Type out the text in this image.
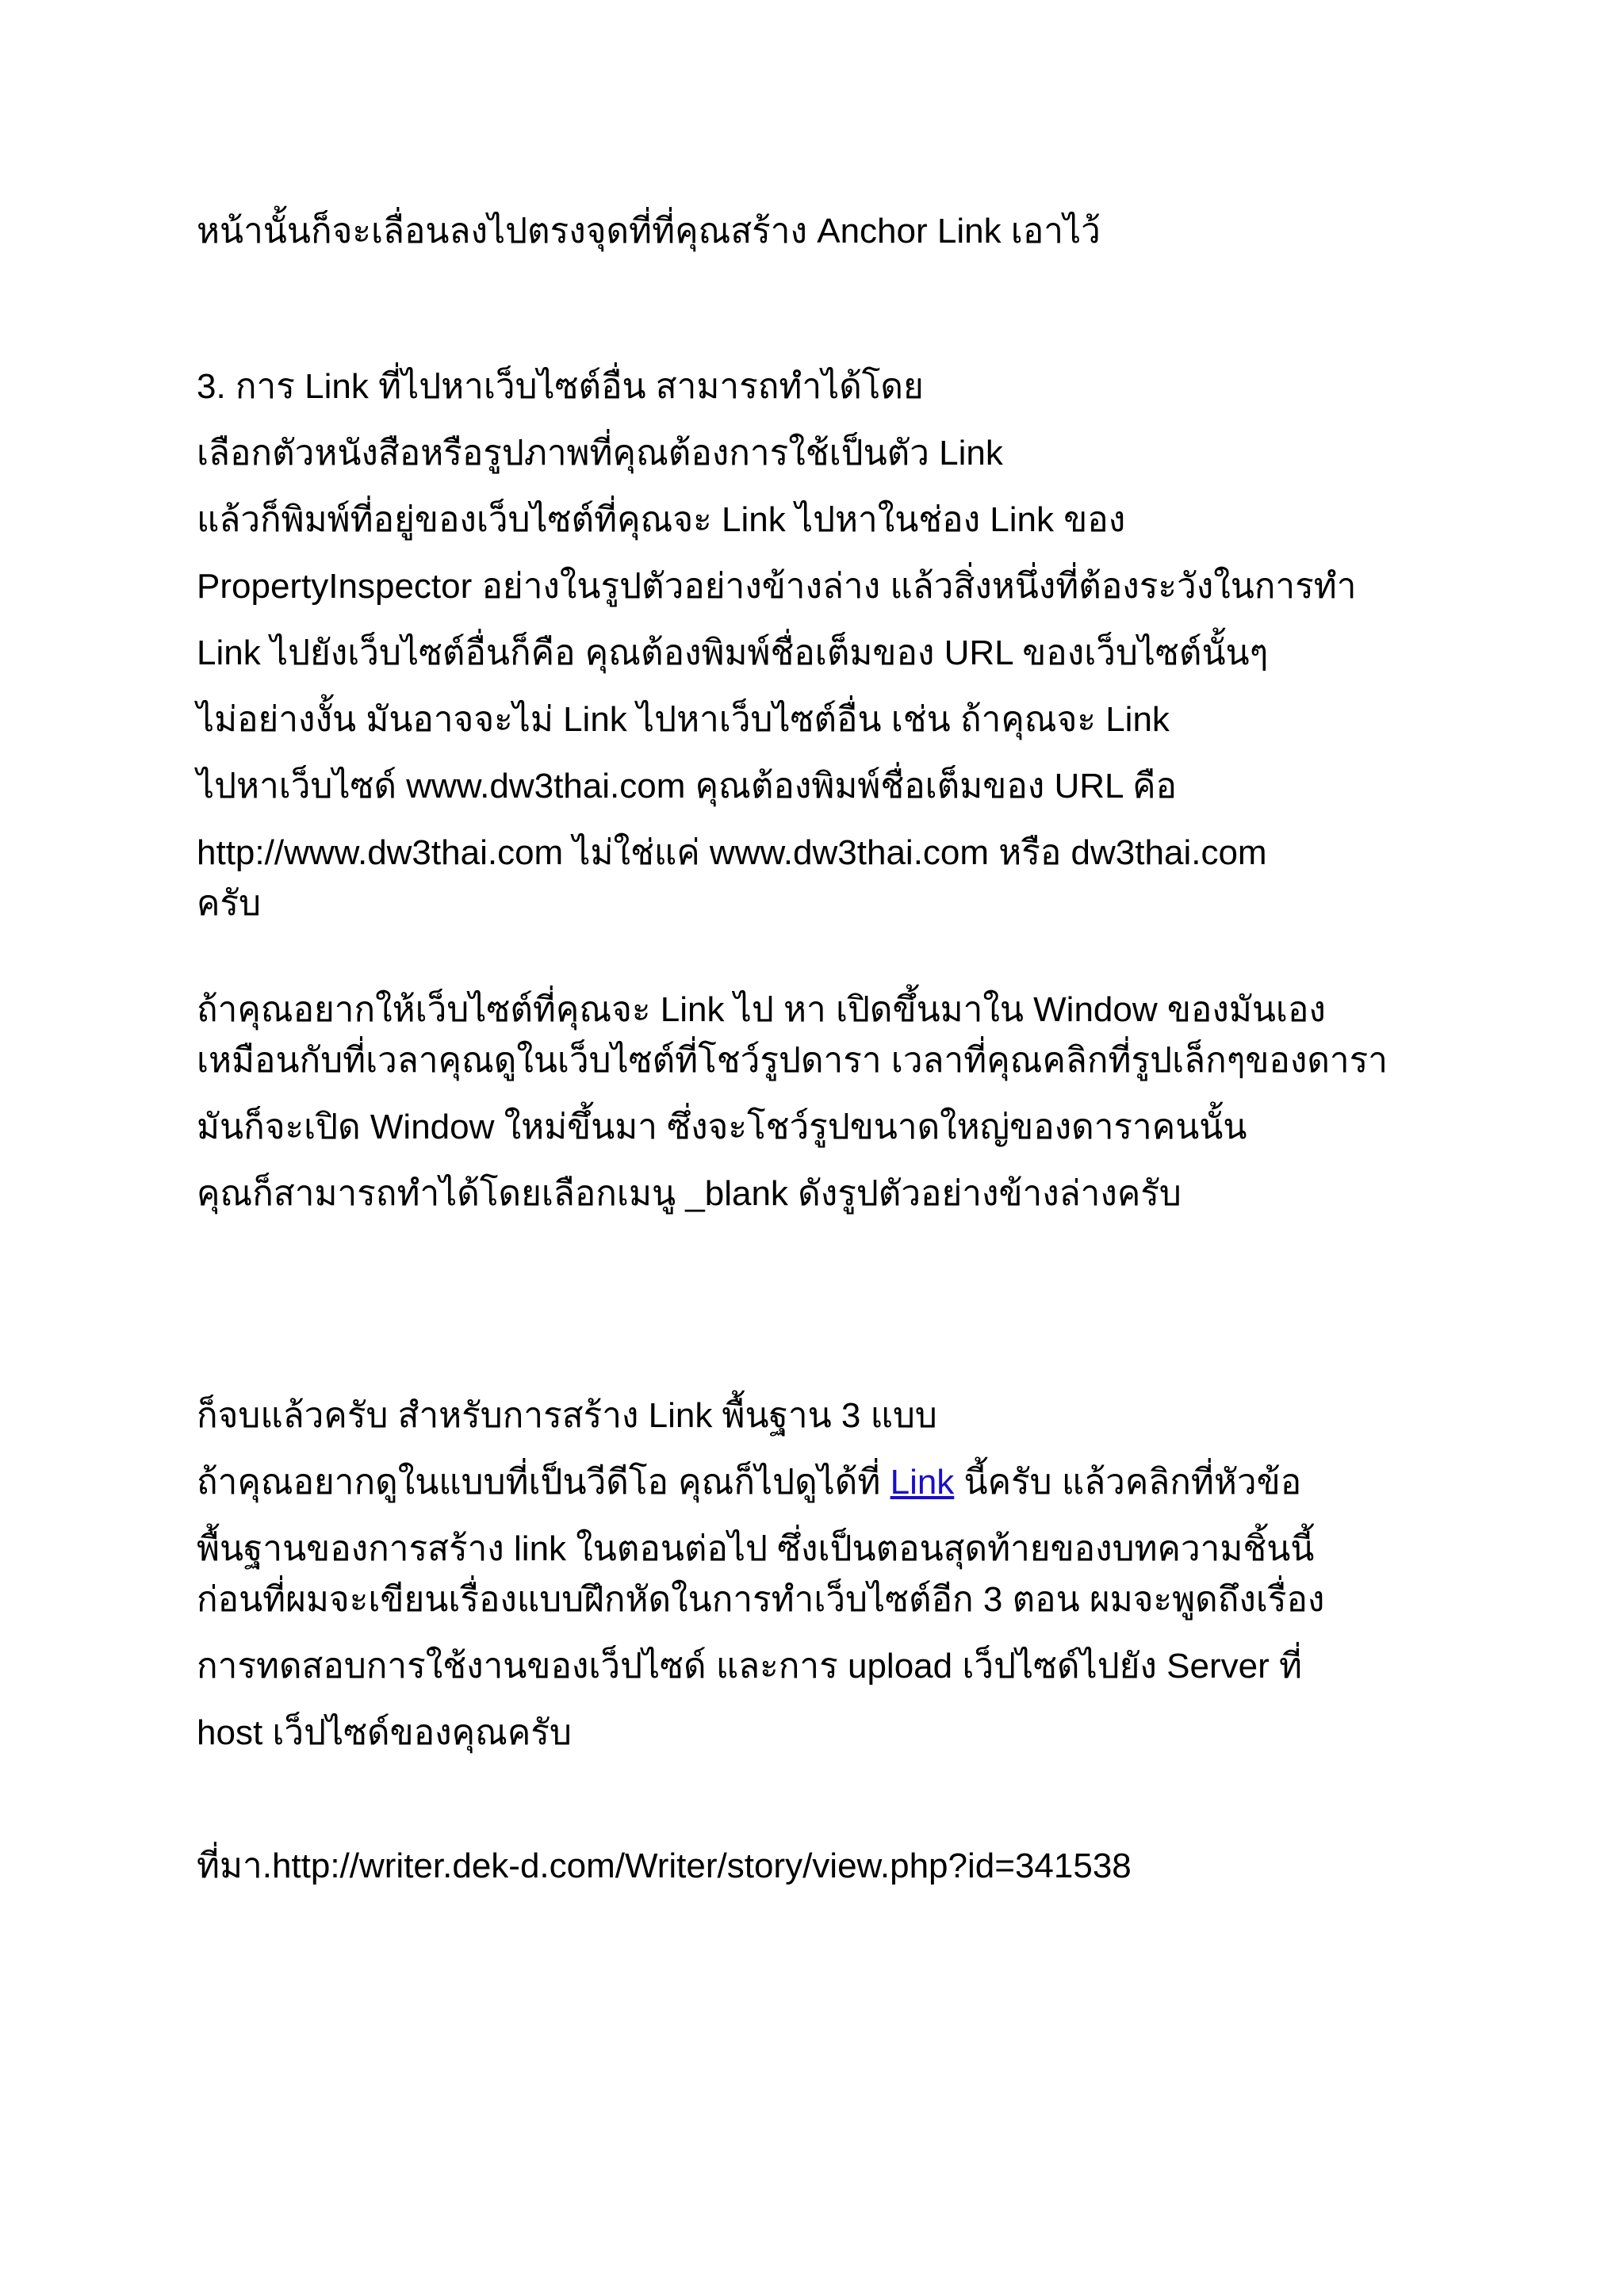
หน้านั้นก็จะเลื่อนลงไปตรงจุดที่ที่คุณสร้าง Anchor Link เอาไว้

3. การ Link ที่ไปหาเว็บไซต์อื่น สามารถทำได้โดย

เลือกตัวหนังสือหรือรูปภาพที่คุณต้องการใช้เป็นตัว Link

แล้วก็พิมพ์ที่อยู่ของเว็บไซต์ที่คุณจะ Link ไปหาในช่อง Link ของ

PropertyInspector อย่างในรูปตัวอย่างข้างล่าง แล้วสิ่งหนึ่งที่ต้องระวังในการทำ

Link ไปยังเว็บไซต์อื่นก็คือ คุณต้องพิมพ์ชื่อเต็มของ URL ของเว็บไซต์นั้นๆ

ไม่อย่างงั้น มันอาจจะไม่ Link ไปหาเว็บไซต์อื่น เช่น ถ้าคุณจะ Link

ไปหาเว็บไซด์ www.dw3thai.com คุณต้องพิมพ์ชื่อเต็มของ URL คือ

http://www.dw3thai.com ไม่ใช่แค่ www.dw3thai.com หรือ dw3thai.com

ครับ

ถ้าคุณอยากให้เว็บไซต์ที่คุณจะ Link ไป หา เปิดขึ้นมาใน Window ของมันเอง

เหมือนกับที่เวลาคุณดูในเว็บไซต์ที่โชว์รูปดารา เวลาที่คุณคลิกที่รูปเล็กๆของดารา

มันก็จะเปิด Window ใหม่ขึ้นมา ซึ่งจะโชว์รูปขนาดใหญ่ของดาราคนนั้น

คุณก็สามารถทำได้โดยเลือกเมนู _blank ดังรูปตัวอย่างข้างล่างครับ

ก็จบแล้วครับ สำหรับการสร้าง Link พื้นฐาน 3 แบบ

ถ้าคุณอยากดูในแบบที่เป็นวีดีโอ คุณก็ไปดูได้ที่ Link นี้ครับ แล้วคลิกที่หัวข้อ

พื้นฐานของการสร้าง link ในตอนต่อไป ซึ่งเป็นตอนสุดท้ายของบทความชิ้นนี้

ก่อนที่ผมจะเขียนเรื่องแบบฝึกหัดในการทำเว็บไซต์อีก 3 ตอน ผมจะพูดถึงเรื่อง

การทดสอบการใช้งานของเว็ปไซด์ และการ upload เว็ปไซด์ไปยัง Server ที่

host เว็ปไซด์ของคุณครับ

ที่มา.http://writer.dek-d.com/Writer/story/view.php?id=341538
